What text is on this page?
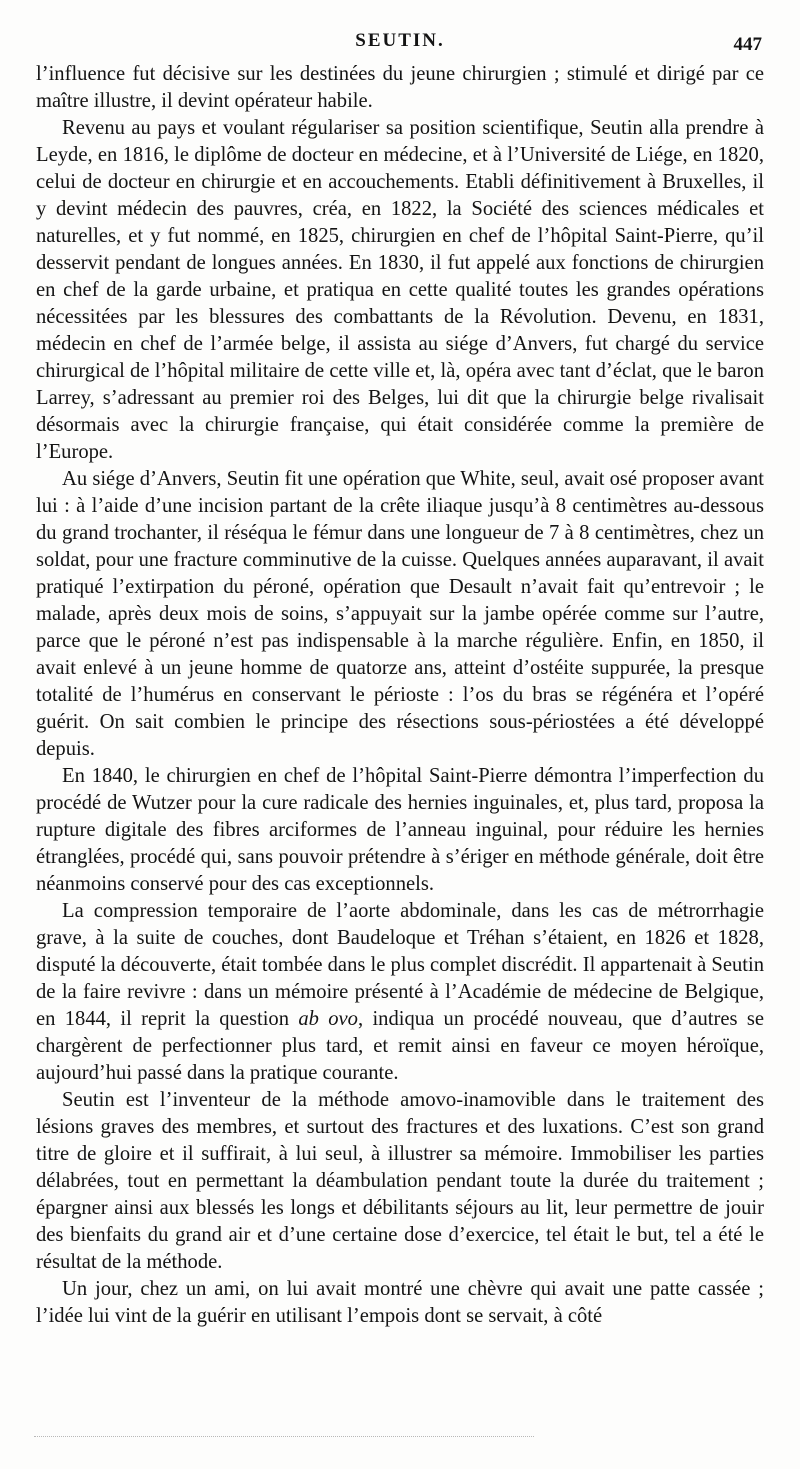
SEUTIN.	447

l’influence fut décisive sur les destinées du jeune chirurgien ; stimulé et dirigé par ce maître illustre, il devint opérateur habile.

Revenu au pays et voulant régulariser sa position scientifique, Seutin alla prendre à Leyde, en 1816, le diplôme de docteur en médecine, et à l’Université de Liége, en 1820, celui de docteur en chirurgie et en accouchements. Etabli définitivement à Bruxelles, il y devint médecin des pauvres, créa, en 1822, la Société des sciences médicales et naturelles, et y fut nommé, en 1825, chirurgien en chef de l’hôpital Saint-Pierre, qu’il desservit pendant de longues années. En 1830, il fut appelé aux fonctions de chirurgien en chef de la garde urbaine, et pratiqua en cette qualité toutes les grandes opérations nécessitées par les blessures des combattants de la Révolution. Devenu, en 1831, médecin en chef de l’armée belge, il assista au siége d’Anvers, fut chargé du service chirurgical de l’hôpital militaire de cette ville et, là, opéra avec tant d’éclat, que le baron Larrey, s’adressant au premier roi des Belges, lui dit que la chirurgie belge rivalisait désormais avec la chirurgie française, qui était considérée comme la première de l’Europe.

Au siége d’Anvers, Seutin fit une opération que White, seul, avait osé proposer avant lui : à l’aide d’une incision partant de la crête iliaque jusqu’à 8 centimètres au-dessous du grand trochanter, il réséqua le fémur dans une longueur de 7 à 8 centimètres, chez un soldat, pour une fracture comminutive de la cuisse. Quelques années auparavant, il avait pratiqué l’extirpation du péroné, opération que Desault n’avait fait qu’entrevoir ; le malade, après deux mois de soins, s’appuyait sur la jambe opérée comme sur l’autre, parce que le péroné n’est pas indispensable à la marche régulière. Enfin, en 1850, il avait enlevé à un jeune homme de quatorze ans, atteint d’ostéite suppurée, la presque totalité de l’humérus en conservant le périoste : l’os du bras se régénéra et l’opéré guérit. On sait combien le principe des résections sous-périostées a été développé depuis.

En 1840, le chirurgien en chef de l’hôpital Saint-Pierre démontra l’imperfection du procédé de Wutzer pour la cure radicale des hernies inguinales, et, plus tard, proposa la rupture digitale des fibres arciformes de l’anneau inguinal, pour réduire les hernies étranglées, procédé qui, sans pouvoir prétendre à s’ériger en méthode générale, doit être néanmoins conservé pour des cas exceptionnels.

La compression temporaire de l’aorte abdominale, dans les cas de métrorrhagie grave, à la suite de couches, dont Baudeloque et Tréhan s’étaient, en 1826 et 1828, disputé la découverte, était tombée dans le plus complet discrédit. Il appartenait à Seutin de la faire revivre : dans un mémoire présenté à l’Académie de médecine de Belgique, en 1844, il reprit la question ab ovo, indiqua un procédé nouveau, que d’autres se chargèrent de perfectionner plus tard, et remit ainsi en faveur ce moyen héroïque, aujourd’hui passé dans la pratique courante.

Seutin est l’inventeur de la méthode amovo-inamovible dans le traitement des lésions graves des membres, et surtout des fractures et des luxations. C’est son grand titre de gloire et il suffirait, à lui seul, à illustrer sa mémoire. Immobiliser les parties délabrées, tout en permettant la déambulation pendant toute la durée du traitement ; épargner ainsi aux blessés les longs et débilitants séjours au lit, leur permettre de jouir des bienfaits du grand air et d’une certaine dose d’exercice, tel était le but, tel a été le résultat de la méthode.

Un jour, chez un ami, on lui avait montré une chèvre qui avait une patte cassée ; l’idée lui vint de la guérir en utilisant l’empois dont se servait, à côté
